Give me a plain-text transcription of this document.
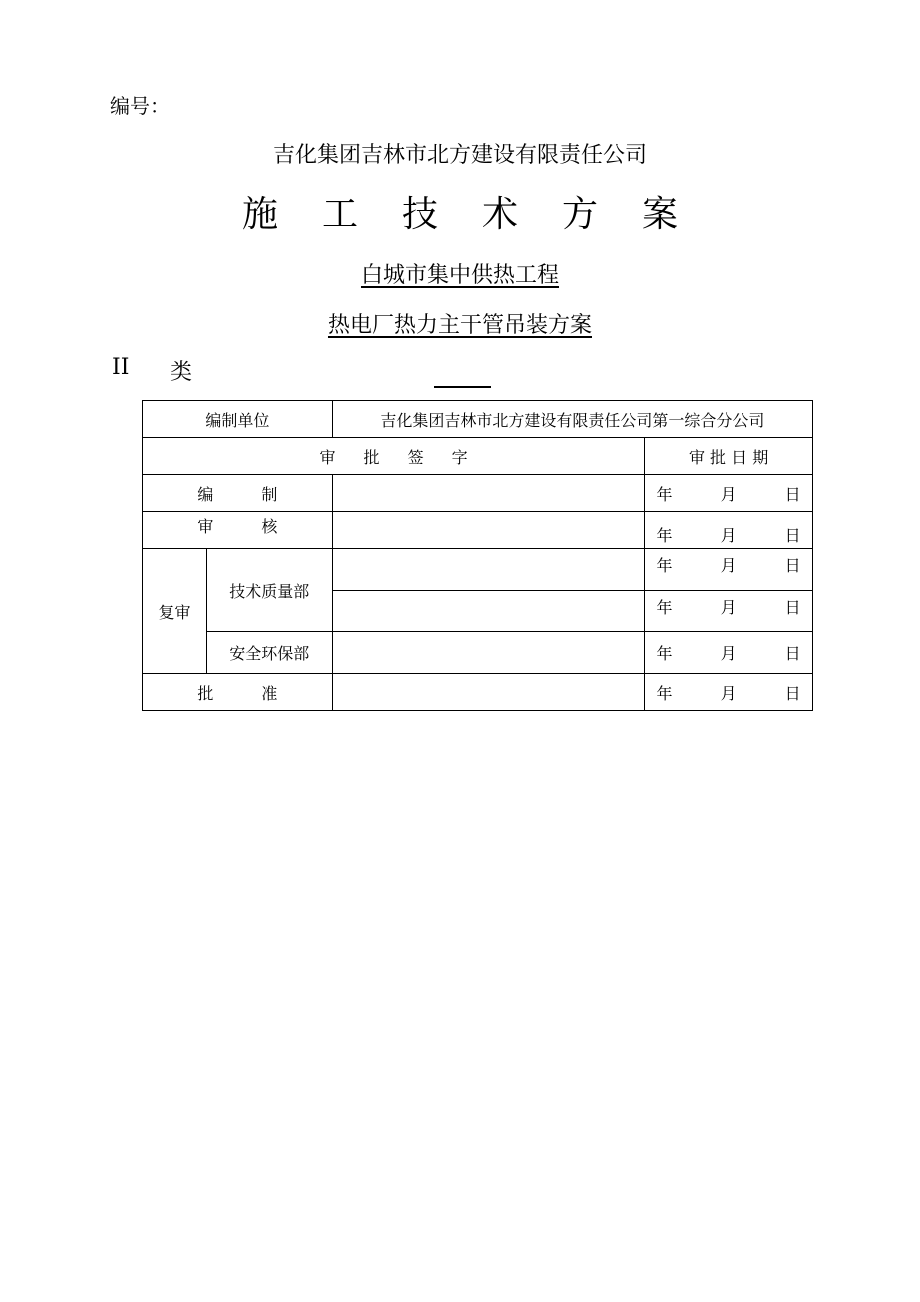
编号：
吉化集团吉林市北方建设有限责任公司
施 工 技 术 方 案
白城市集中供热工程
热电厂热力主干管吊装方案
II 类
编制单位		吉化集团吉林市北方建设有限责任公司第一综合分公司	
审 批 签 字			审 批 日 期
编 制			年 月 日
审 核			年 月 日
复审	技术质量部		年 月 日
			年 月 日
	安全环保部		年 月 日
批 准			年 月 日
